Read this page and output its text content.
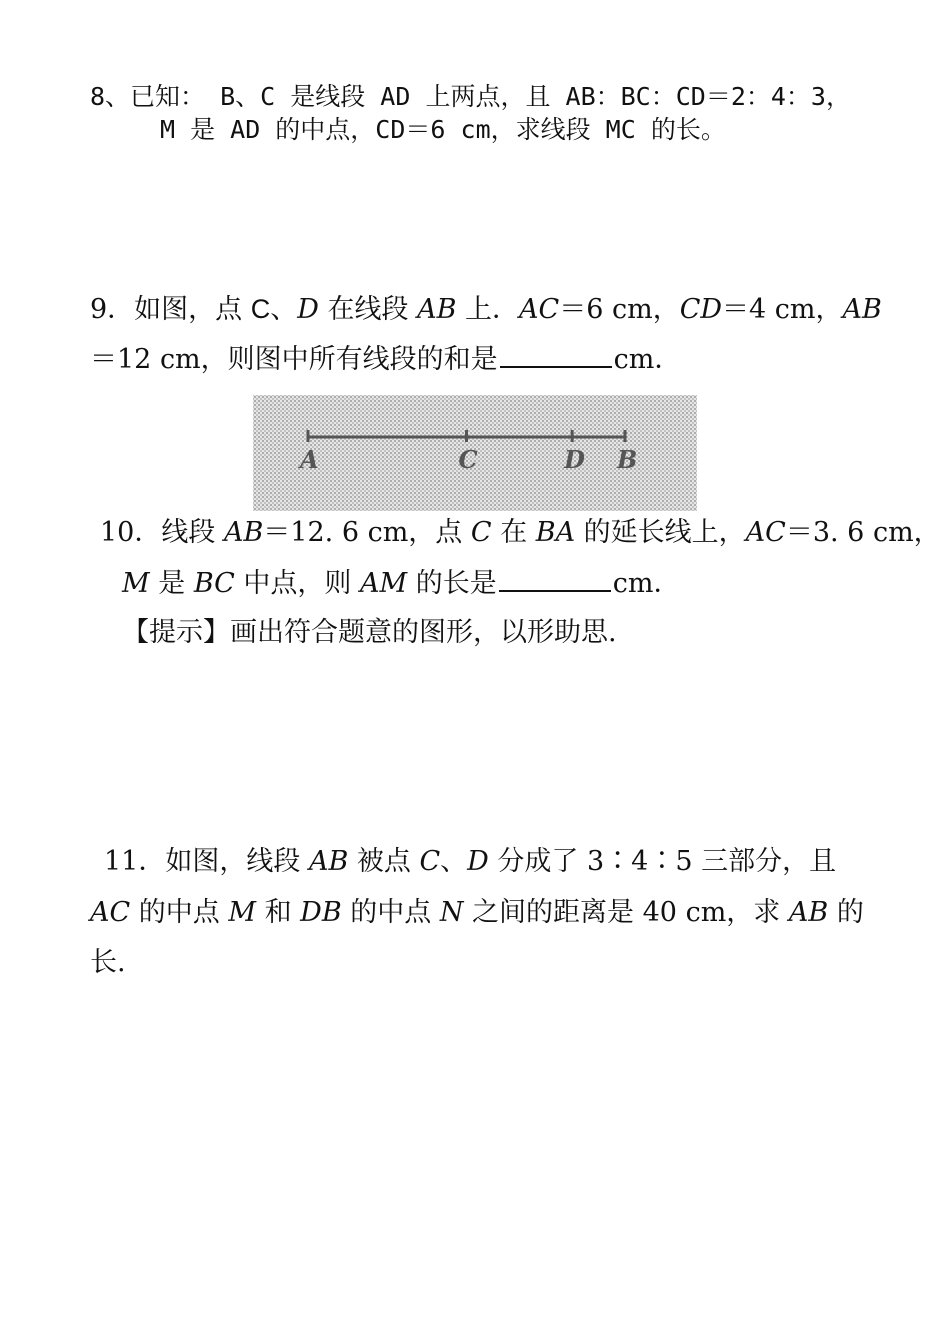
8、已知： B、C 是线段 AD 上两点，且 AB：BC：CD＝2：4：3，
M 是 AD 的中点，CD＝6 cm，求线段 MC 的长。
9．如图，点 C、D 在线段 AB 上．AC＝6 cm，CD＝4 cm，AB
＝12 cm，则图中所有线段的和是	cm．
A	C	D B
10．线段 AB＝12. 6 cm，点 C 在 BA 的延长线上，AC＝3. 6 cm，
M 是 BC 中点，则 AM 的长是	cm．
【提示】画出符合题意的图形，以形助思.
11．如图，线段 AB 被点 C、D 分成了 3∶4∶5 三部分，且
AC 的中点 M 和 DB 的中点 N 之间的距离是 40 cm，求 AB 的
长.
